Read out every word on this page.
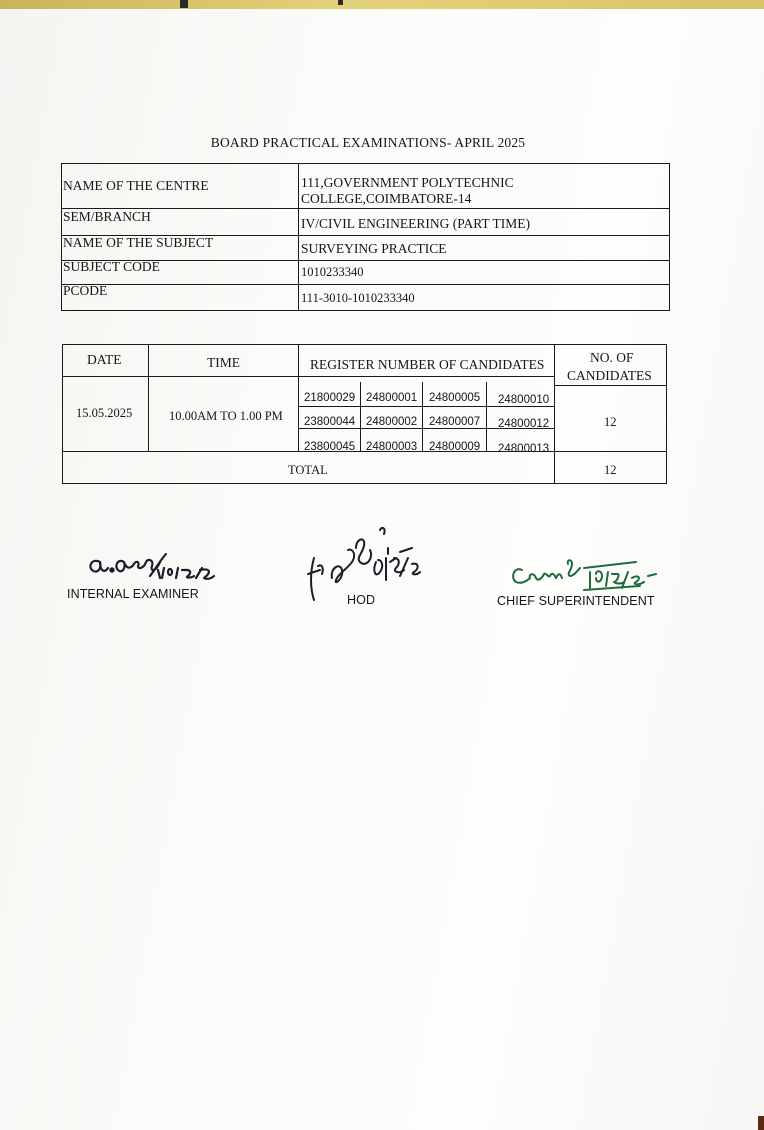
BOARD PRACTICAL EXAMINATIONS- APRIL 2025
NAME OF THE CENTRE	111,GOVERNMENT POLYTECHNIC
COLLEGE,COIMBATORE-14
SEM/BRANCH	IV/CIVIL ENGINEERING (PART TIME)
NAME OF THE SUBJECT	SURVEYING PRACTICE
SUBJECT CODE	1010233340
PCODE	111-3010-1010233340
DATE	TIME	REGISTER NUMBER OF CANDIDATES	NO. OF
CANDIDATES
15.05.2025	10.00AM TO 1.00 PM
21800029 24800001 24800005 24800010
23800044 24800002 24800007 24800012
23800045 24800003 24800009 24800013
12
TOTAL	12
INTERNAL EXAMINER	HOD	CHIEF SUPERINTENDENT
